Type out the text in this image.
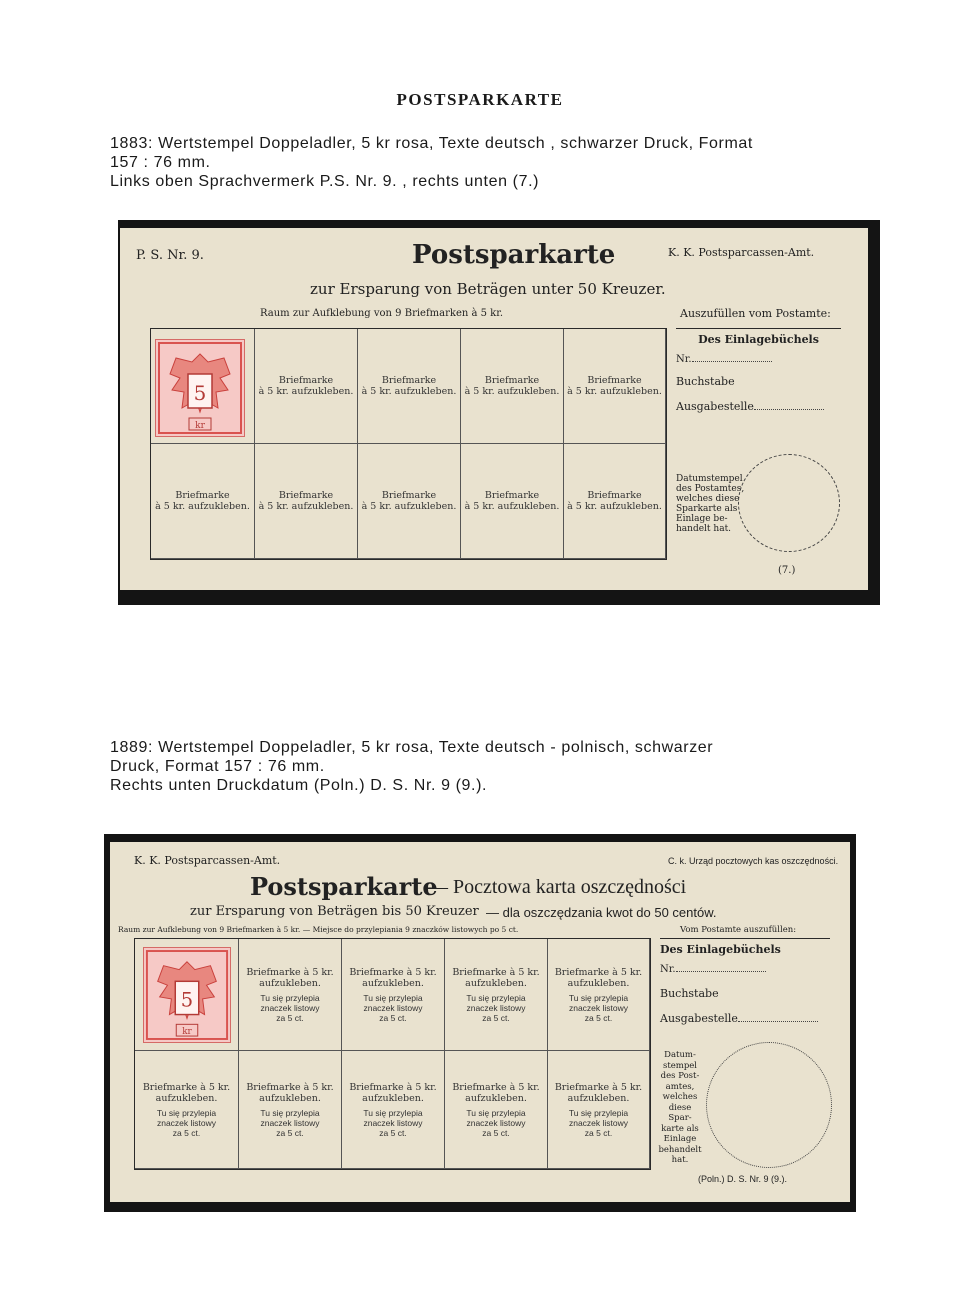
POSTSPARKARTE
1883: Wertstempel Doppeladler, 5 kr rosa, Texte deutsch , schwarzer Druck, Format
157 : 76 mm.
Links oben Sprachvermerk P.S. Nr. 9. , rechts unten (7.)
P. S. Nr. 9.	Postsparkarte	K. K. Postsparcassen-Amt.
zur Ersparung von Beträgen unter 50 Kreuzer.
Raum zur Aufklebung von 9 Briefmarken à 5 kr.	Auszufüllen vom Postamte:
5
kr
Briefmarke
à 5 kr. aufzukleben.
Briefmarke
à 5 kr. aufzukleben.
Briefmarke
à 5 kr. aufzukleben.
Briefmarke
à 5 kr. aufzukleben.
Briefmarke
à 5 kr. aufzukleben.
Briefmarke
à 5 kr. aufzukleben.
Briefmarke
à 5 kr. aufzukleben.
Briefmarke
à 5 kr. aufzukleben.
Briefmarke
à 5 kr. aufzukleben.
Des Einlagebüchels
Nr.
Buchstabe
Ausgabestelle
Datumstempel
des Postamtes,
welches diese
Sparkarte als
Einlage be-
handelt hat.
(7.)
1889: Wertstempel Doppeladler, 5 kr rosa, Texte deutsch - polnisch, schwarzer
Druck, Format 157 : 76 mm.
Rechts unten Druckdatum (Poln.) D. S. Nr. 9 (9.).
K. K. Postsparcassen-Amt.	C. k. Urząd pocztowych kas oszczędności.
Postsparkarte
— Pocztowa karta oszczędności
zur Ersparung von Beträgen bis 50 Kreuzer — dla oszczędzania kwot do 50 centów.
Raum zur Aufklebung von 9 Briefmarken à 5 kr. — Miejsce do przylepiania 9 znaczków listowych po 5 ct.	Vom Postamte auszufüllen:
5
kr
Briefmarke à 5 kr.
aufzukleben.
Tu się przylepia
znaczek listowy
za 5 ct.
Briefmarke à 5 kr.
aufzukleben.
Tu się przylepia
znaczek listowy
za 5 ct.
Briefmarke à 5 kr.
aufzukleben.
Tu się przylepia
znaczek listowy
za 5 ct.
Briefmarke à 5 kr.
aufzukleben.
Tu się przylepia
znaczek listowy
za 5 ct.
Briefmarke à 5 kr.
aufzukleben.
Tu się przylepia
znaczek listowy
za 5 ct.
Briefmarke à 5 kr.
aufzukleben.
Tu się przylepia
znaczek listowy
za 5 ct.
Briefmarke à 5 kr.
aufzukleben.
Tu się przylepia
znaczek listowy
za 5 ct.
Briefmarke à 5 kr.
aufzukleben.
Tu się przylepia
znaczek listowy
za 5 ct.
Briefmarke à 5 kr.
aufzukleben.
Tu się przylepia
znaczek listowy
za 5 ct.
Des Einlagebüchels
Nr.
Buchstabe
Ausgabestelle
Datum-
stempel
des Post-
amtes,
welches
diese
Spar-
karte als
Einlage
behandelt
hat.
(Poln.) D. S. Nr. 9 (9.).
